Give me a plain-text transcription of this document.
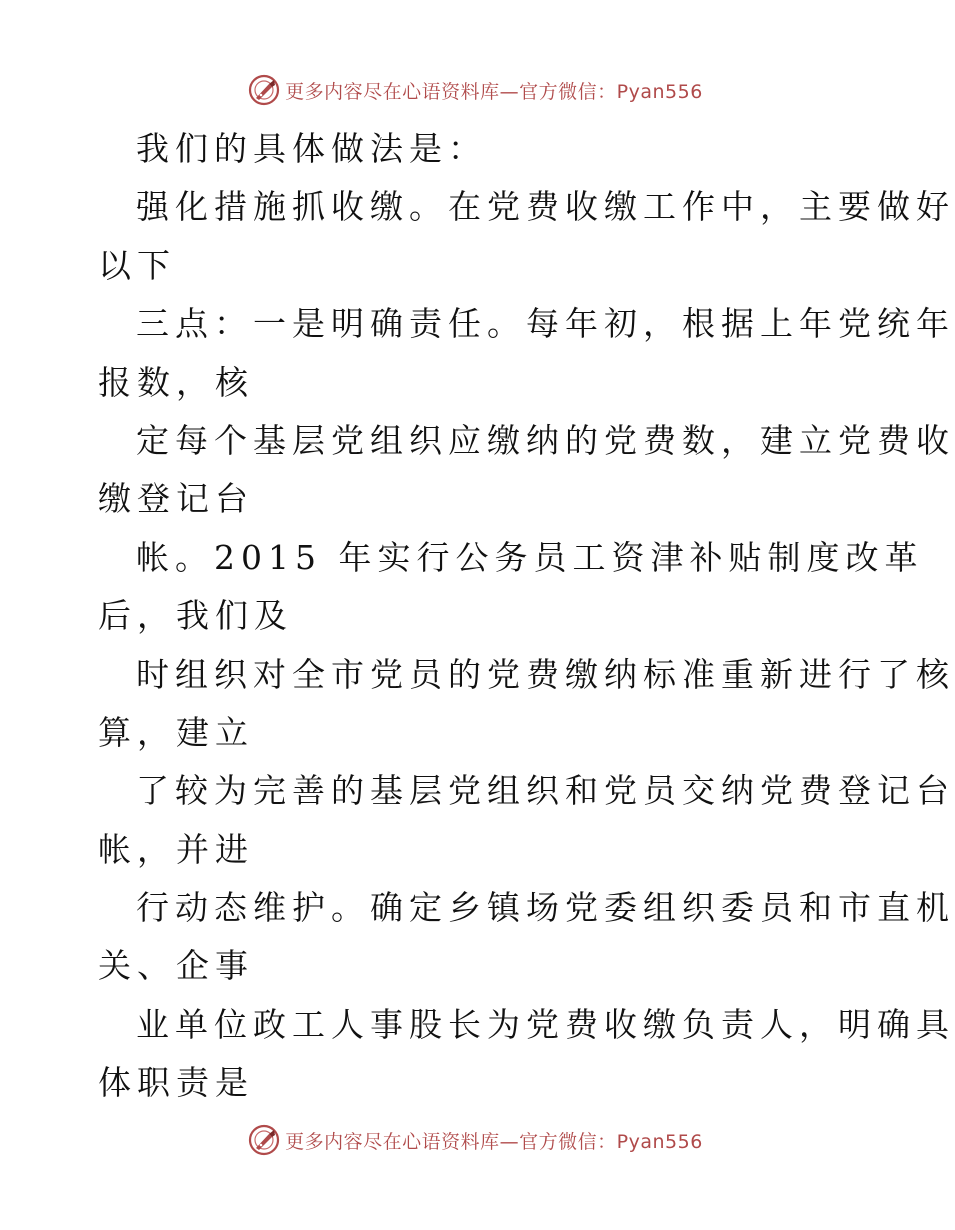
更多内容尽在心语资料库—官方微信：Pyan556
我们的具体做法是：
强化措施抓收缴。在党费收缴工作中，主要做好
以下
三点：一是明确责任。每年初，根据上年党统年
报数，核
定每个基层党组织应缴纳的党费数，建立党费收
缴登记台
帐。2015 年实行公务员工资津补贴制度改革
后，我们及
时组织对全市党员的党费缴纳标准重新进行了核
算，建立
了较为完善的基层党组织和党员交纳党费登记台
帐，并进
行动态维护。确定乡镇场党委组织委员和市直机
关、企事
业单位政工人事股长为党费收缴负责人，明确具
体职责是
更多内容尽在心语资料库—官方微信：Pyan556
